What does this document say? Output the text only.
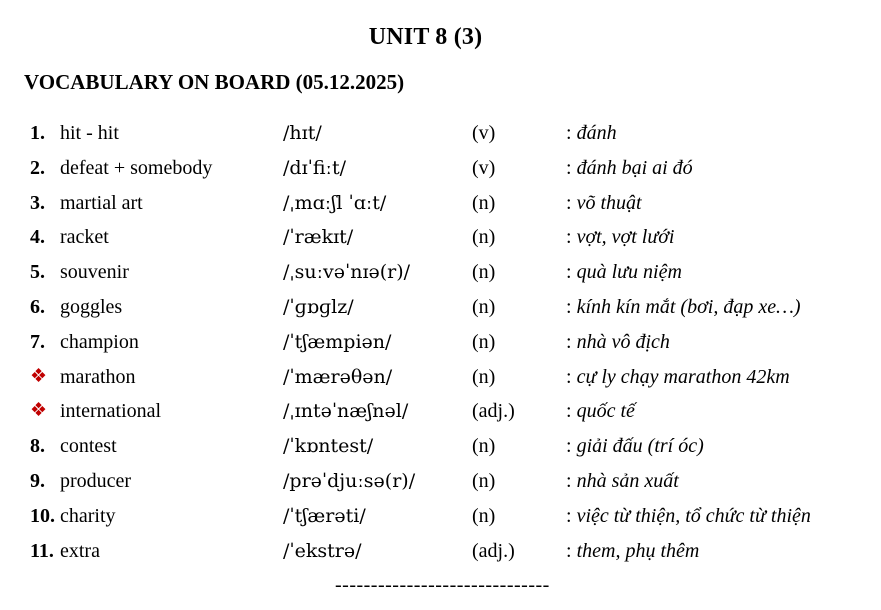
UNIT 8 (3)
VOCABULARY ON BOARD (05.12.2025)
1. hit - hit	/hɪt/	(v)	: đánh
2. defeat + somebody	/dɪˈfiːt/	(v)	: đánh bại ai đó
3. martial art	/ˌmɑːʃl ˈɑːt/	(n)	: võ thuật
4. racket	/ˈrækɪt/	(n)	: vợt, vợt lưới
5. souvenir	/ˌsuːvəˈnɪə(r)/	(n)	: quà lưu niệm
6. goggles	/ˈɡɒɡlz/	(n)	: kính kín mắt (bơi, đạp xe…)
7. champion	/ˈtʃæmpiən/	(n)	: nhà vô địch
❖ marathon	/ˈmærəθən/	(n)	: cự ly chạy marathon 42km
❖ international	/ˌɪntəˈnæʃnəl/	(adj.)	: quốc tế
8. contest	/ˈkɒntest/	(n)	: giải đấu (trí óc)
9. producer	/prəˈdjuːsə(r)/	(n)	: nhà sản xuất
10. charity	/ˈtʃærəti/	(n)	: việc từ thiện, tổ chức từ thiện
11. extra	/ˈekstrə/	(adj.)	: them, phụ thêm
------------------------------
